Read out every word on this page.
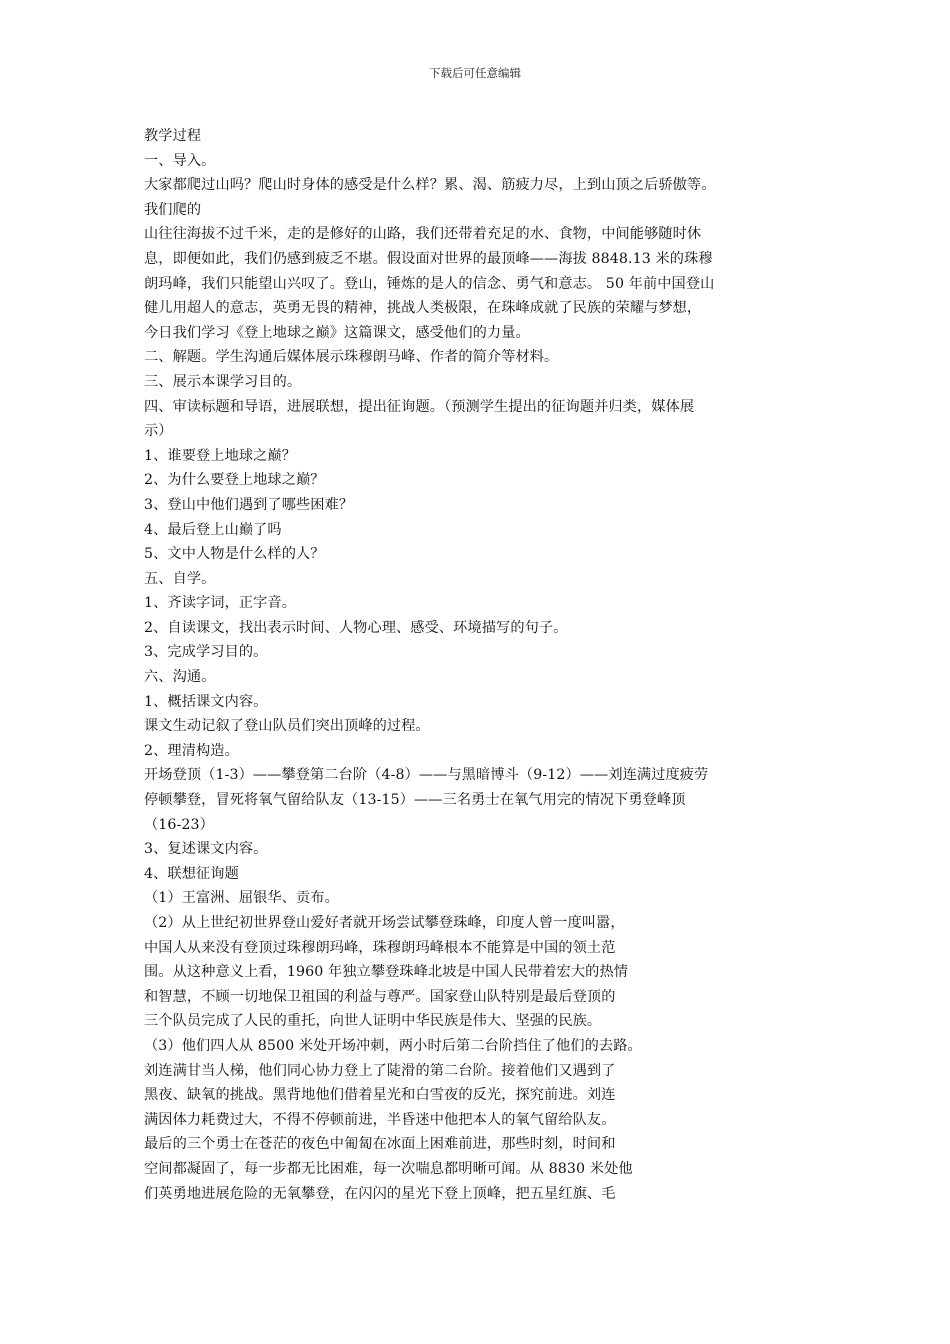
下载后可任意编辑
教学过程
一、导入。
大家都爬过山吗？爬山时身体的感受是什么样？累、渴、筋疲力尽，上到山顶之后骄傲等。
我们爬的
山往往海拔不过千米，走的是修好的山路，我们还带着充足的水、食物，中间能够随时休
息，即便如此，我们仍感到疲乏不堪。假设面对世界的最顶峰——海拔 8848.13 米的珠穆
朗玛峰，我们只能望山兴叹了。登山，锤炼的是人的信念、勇气和意志。 50 年前中国登山
健儿用超人的意志，英勇无畏的精神，挑战人类极限，在珠峰成就了民族的荣耀与梦想，
今日我们学习《登上地球之巅》这篇课文，感受他们的力量。
二、解题。学生沟通后媒体展示珠穆朗马峰、作者的简介等材料。
三、展示本课学习目的。
四、审读标题和导语，进展联想，提出征询题。（预测学生提出的征询题并归类，媒体展
示）
1、谁要登上地球之巅？
2、为什么要登上地球之巅？
3、登山中他们遇到了哪些困难？
4、最后登上山巅了吗
5、文中人物是什么样的人？
五、自学。
1、齐读字词，正字音。
2、自读课文，找出表示时间、人物心理、感受、环境描写的句子。
3、完成学习目的。
六、沟通。
1、概括课文内容。
课文生动记叙了登山队员们突出顶峰的过程。
2、理清构造。
开场登顶（1-3）——攀登第二台阶（4-8）——与黑暗博斗（9-12）——刘连满过度疲劳
停顿攀登，冒死将氧气留给队友（13-15）——三名勇士在氧气用完的情况下勇登峰顶
（16-23）
3、复述课文内容。
4、联想征询题
（1）王富洲、屈银华、贡布。
（2）从上世纪初世界登山爱好者就开场尝试攀登珠峰，印度人曾一度叫嚣，
中国人从来没有登顶过珠穆朗玛峰，珠穆朗玛峰根本不能算是中国的领土范
围。从这种意义上看，1960 年独立攀登珠峰北坡是中国人民带着宏大的热情
和智慧，不顾一切地保卫祖国的利益与尊严。国家登山队特别是最后登顶的
三个队员完成了人民的重托，向世人证明中华民族是伟大、坚强的民族。
（3）他们四人从 8500 米处开场冲刺，两小时后第二台阶挡住了他们的去路。
刘连满甘当人梯，他们同心协力登上了陡滑的第二台阶。接着他们又遇到了
黑夜、缺氧的挑战。黑背地他们借着星光和白雪夜的反光，探究前进。刘连
满因体力耗费过大，不得不停顿前进，半昏迷中他把本人的氧气留给队友。
最后的三个勇士在苍茫的夜色中匍匐在冰面上困难前进，那些时刻，时间和
空间都凝固了，每一步都无比困难，每一次喘息都明晰可闻。从 8830 米处他
们英勇地进展危险的无氧攀登，在闪闪的星光下登上顶峰，把五星红旗、毛
